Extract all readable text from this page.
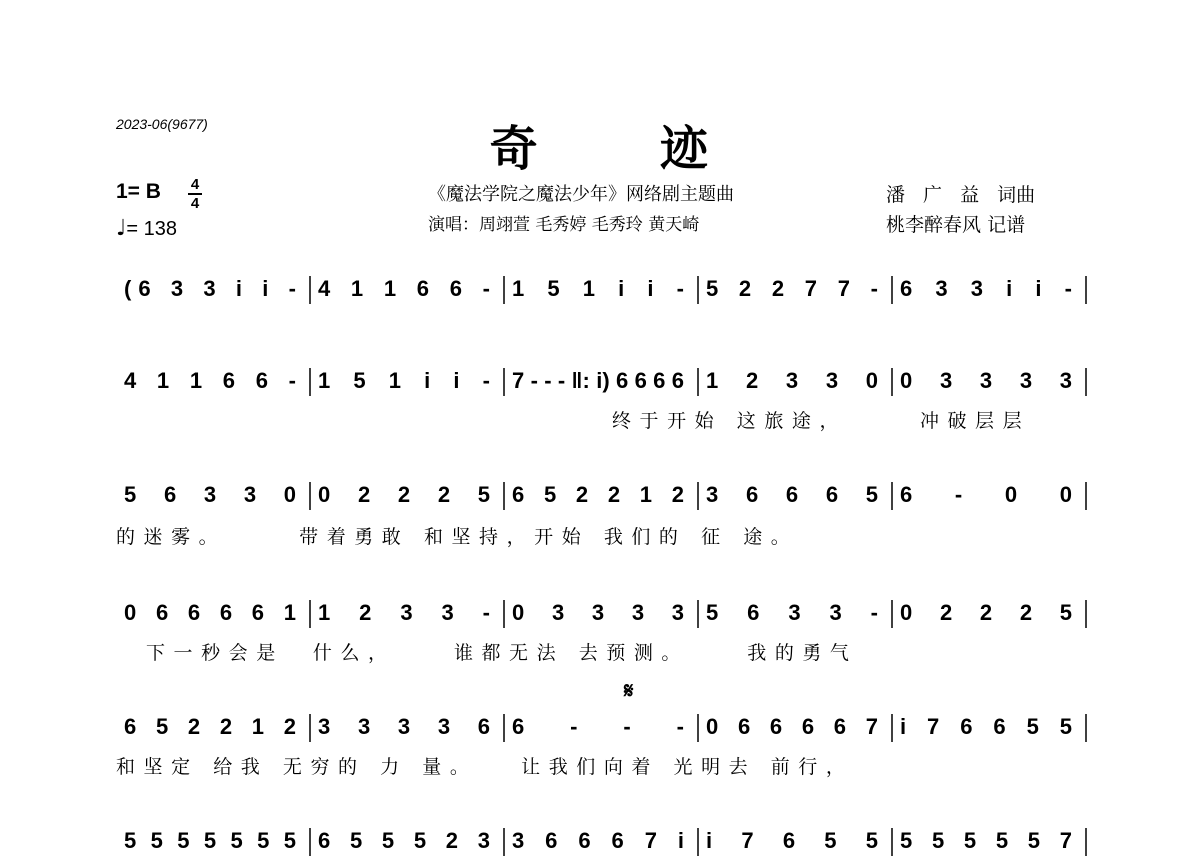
2023-06(9677)	奇	迹
1= B 4
4
♩= 138
《魔法学院之魔法少年》网络剧主题曲
演唱：周翊萱 毛秀婷 毛秀玲 黄天崎
潘广益词曲
桃李醉春风 记谱
𝄋
(6 3 3 i i - 4 1 1 6 6 - 1 5 1 i i - 5 2 2 7 7 - 6 3 3 i i -
4 1 1 6 6 - 1 5 1 i i - 7 - - - ‖: i) 6 6 6 6 1 2 3 3 0 0 3 3 3 3
终于开始 这旅途，     冲破层层
5 6 3 3 0 0 2 2 2 5 6 5 2 2 1 2 3 6 6 6 5 6 - 0 0
的迷雾。     带着勇敢 和坚持，开始 我们的 征 途。
0 6 6 6 6 1 1 2 3 3 - 0 3 3 3 3 5 6 3 3 - 0 2 2 2 5
下一秒会是  什么，    谁都无法 去预测。    我的勇气
6 5 2 2 1 2 3 3 3 3 6 6 - - - 0 6 6 6 6 7 i 7 6 6 5 5
和坚定 给我 无穷的 力 量。   让我们向着 光明去 前行，
5 5 5 5 5 5 5 6 5 5 5 2 3 3 6 6 6 7 i i 7 6 5 5 5 5 5 5 5 7
